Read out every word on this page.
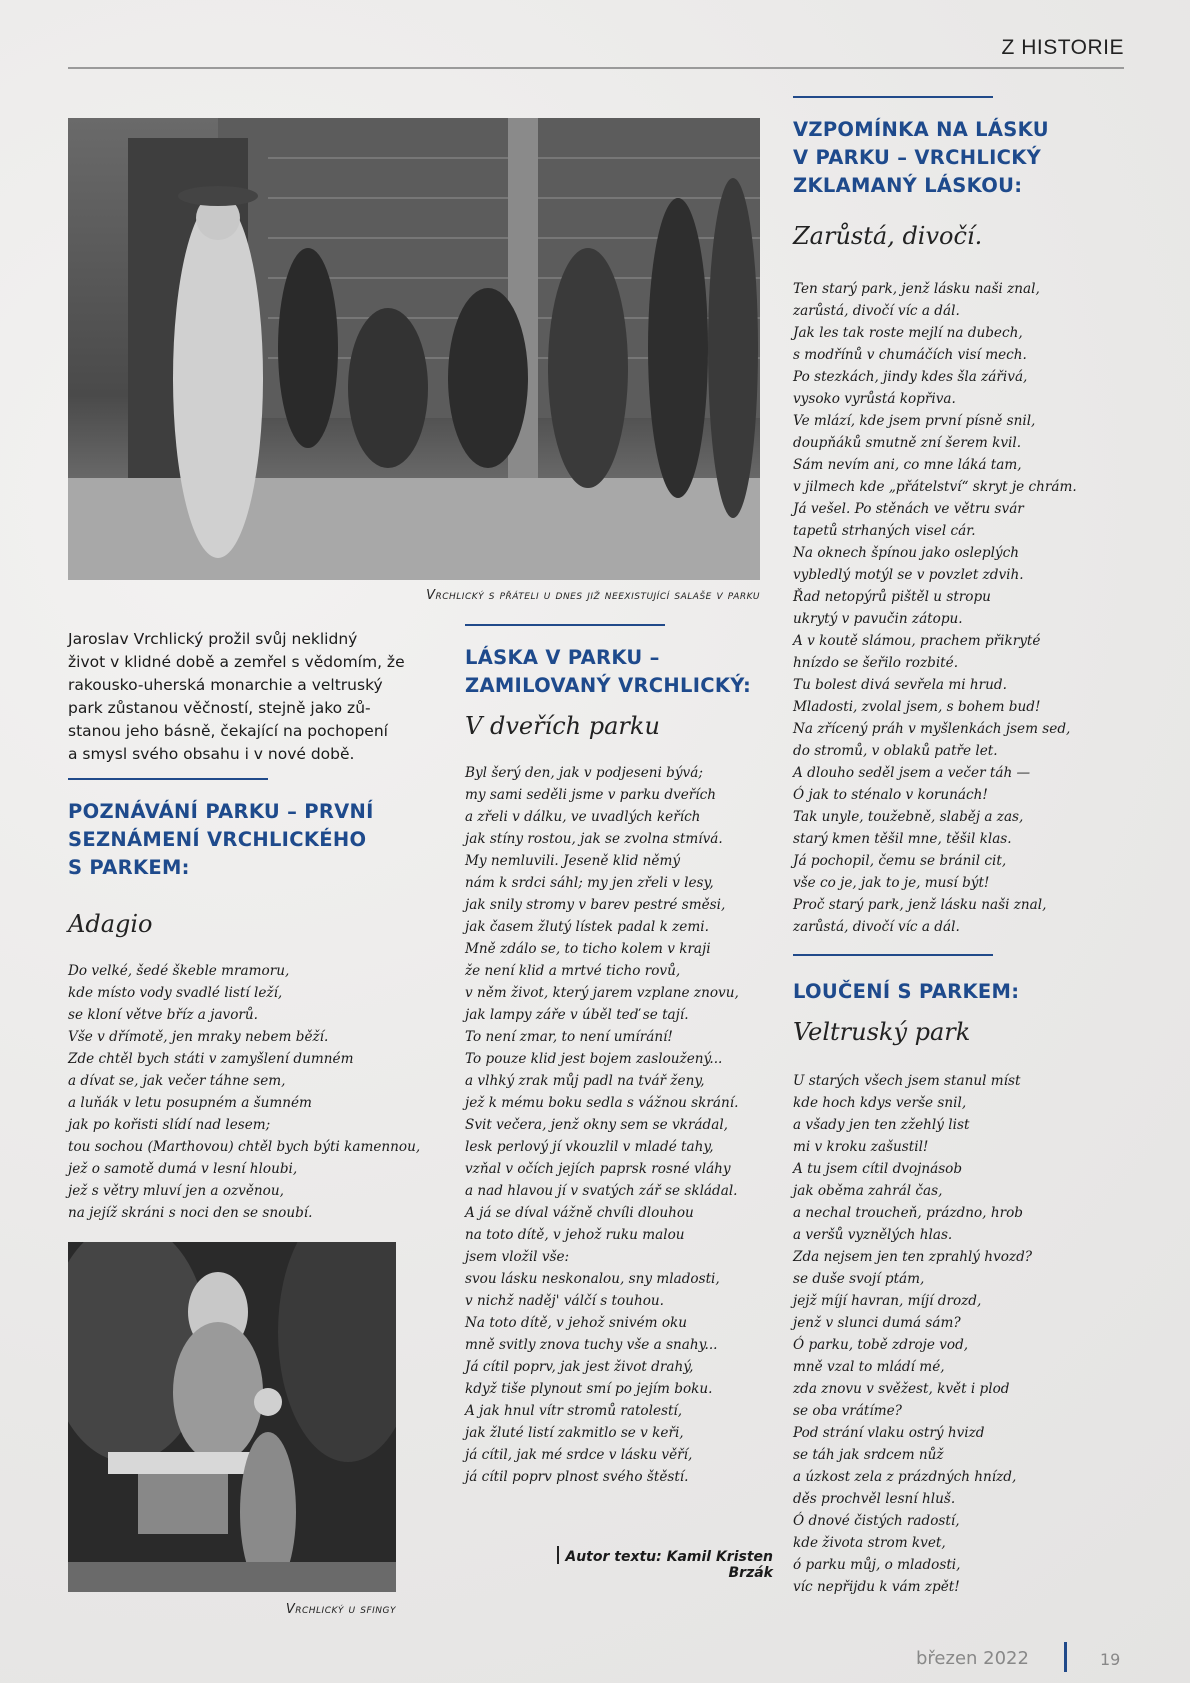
Z HISTORIE
Vrchlický s přáteli u dnes již neexistující salaše v parku
Jaroslav Vrchlický prožil svůj neklidný
život v klidné době a zemřel s vědomím, že
rakousko-uherská monarchie a veltruský
park zůstanou věčností, stejně jako zů-
stanou jeho básně, čekající na pochopení
a smysl svého obsahu i v nové době.
POZNÁVÁNÍ PARKU – PRVNÍ
SEZNÁMENÍ VRCHLICKÉHO
S PARKEM:
Adagio
Do velké, šedé škeble mramoru,
kde místo vody svadlé listí leží,
se kloní větve bříz a javorů.
Vše v dřímotě, jen mraky nebem běží.
Zde chtěl bych státi v zamyšlení dumném
a dívat se, jak večer táhne sem,
a luňák v letu posupném a šumném
jak po kořisti slídí nad lesem;
tou sochou (Marthovou) chtěl bych býti kamennou,
jež o samotě dumá v lesní hloubi,
jež s větry mluví jen a ozvěnou,
na jejíž skráni s noci den se snoubí.
Vrchlický u sfingy
LÁSKA V PARKU –
ZAMILOVANÝ VRCHLICKÝ:
V dveřích parku
Byl šerý den, jak v podjeseni bývá;
my sami seděli jsme v parku dveřích
a zřeli v dálku, ve uvadlých keřích
jak stíny rostou, jak se zvolna stmívá.
My nemluvili. Jeseně klid němý
nám k srdci sáhl; my jen zřeli v lesy,
jak snily stromy v barev pestré směsi,
jak časem žlutý lístek padal k zemi.
Mně zdálo se, to ticho kolem v kraji
že není klid a mrtvé ticho rovů,
v něm život, který jarem vzplane znovu,
jak lampy záře v úběl teď se tají.
To není zmar, to není umírání!
To pouze klid jest bojem zasloužený...
a vlhký zrak můj padl na tvář ženy,
jež k mému boku sedla s vážnou skrání.
Svit večera, jenž okny sem se vkrádal,
lesk perlový jí vkouzlil v mladé tahy,
vzňal v očích jejích paprsk rosné vláhy
a nad hlavou jí v svatých zář se skládal.
A já se díval vážně chvíli dlouhou
na toto dítě, v jehož ruku malou
jsem vložil vše:
svou lásku neskonalou, sny mladosti,
v nichž naděj' válčí s touhou.
Na toto dítě, v jehož snivém oku
mně svitly znova tuchy vše a snahy...
Já cítil poprv, jak jest život drahý,
když tiše plynout smí po jejím boku.
A jak hnul vítr stromů ratolestí,
jak žluté listí zakmitlo se v keři,
já cítil, jak mé srdce v lásku věří,
já cítil poprv plnost svého štěstí.
Autor textu: Kamil Kristen Brzák
VZPOMÍNKA NA LÁSKU
V PARKU – VRCHLICKÝ
ZKLAMANÝ LÁSKOU:
Zarůstá, divočí.
Ten starý park, jenž lásku naši znal,
zarůstá, divočí víc a dál.
Jak les tak roste mejlí na dubech,
s modřínů v chumáčích visí mech.
Po stezkách, jindy kdes šla zářivá,
vysoko vyrůstá kopřiva.
Ve mlází, kde jsem první písně snil,
doupňáků smutně zní šerem kvil.
Sám nevím ani, co mne láká tam,
v jilmech kde „přátelství“ skryt je chrám.
Já vešel. Po stěnách ve větru svár
tapetů strhaných visel cár.
Na oknech špínou jako oslepl​ých
vybledlý motýl se v povzlet zdvih.
Řad netopýrů pištěl u stropu
ukrytý v pavučin zátopu.
A v koutě slámou, prachem přikryté
hnízdo se šeřilo rozbité.
Tu bolest divá sevřela mi hrud.
Mladosti, zvolal jsem, s bohem bud!
Na zřícený práh v myšlenkách jsem sed,
do stromů, v oblaků patře let.
A dlouho seděl jsem a večer táh —
Ó jak to sténalo v korunách!
Tak unyle, toužebně, slaběj a zas,
starý kmen těšil mne, těšil klas.
Já pochopil, čemu se bránil cit,
vše co je, jak to je, musí být!
Proč starý park, jenž lásku naši znal,
zarůstá, divočí víc a dál.
LOUČENÍ S PARKEM:
Veltruský park
U starých všech jsem stanul míst
kde hoch kdys verše snil,
a všady jen ten zžehlý list
mi v kroku zašustil!
A tu jsem cítil dvojnásob
jak oběma zahrál čas,
a nechal troucheň, prázdno, hrob
a veršů vyznělých hlas.
Zda nejsem jen ten zprahlý hvozd?
se duše svojí ptám,
jejž míjí havran, míjí drozd,
jenž v slunci dumá sám?
Ó parku, tobě zdroje vod,
mně vzal to mládí mé,
zda znovu v svěžest, květ i plod
se oba vrátíme?
Pod strání vlaku ostrý hvizd
se táh jak srdcem nůž
a úzkost zela z prázdných hnízd,
děs prochvěl lesní hluš.
Ó dnové čistých radostí,
kde života strom kvet,
ó parku můj, o mladosti,
víc nepřijdu k vám zpět!
březen 2022	19
